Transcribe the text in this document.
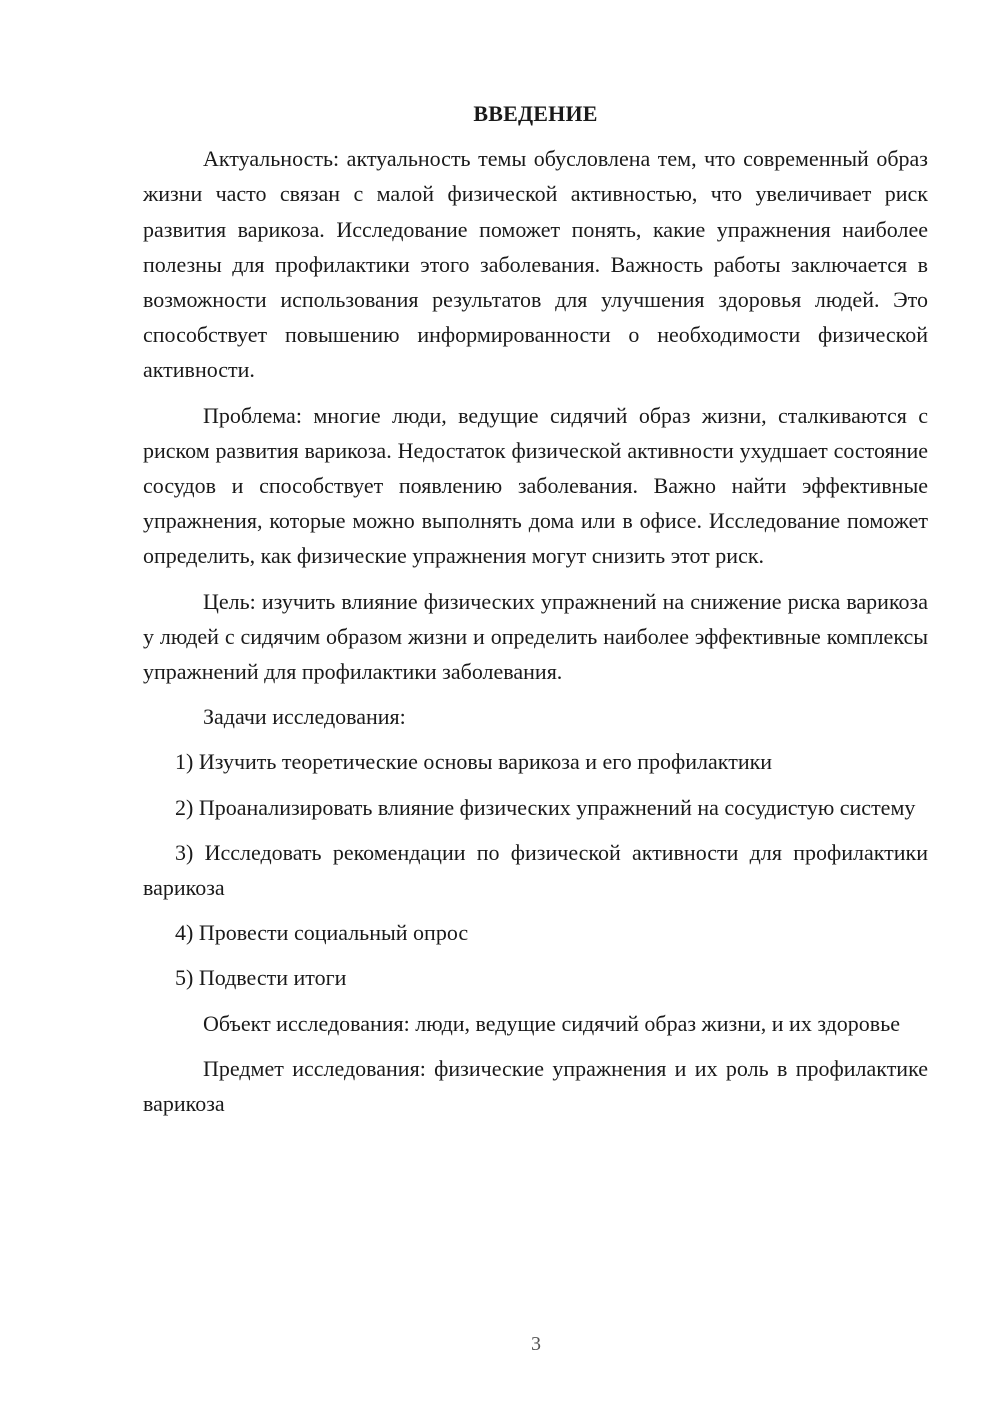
ВВЕДЕНИЕ

Актуальность: актуальность темы обусловлена тем, что современный образ жизни часто связан с малой физической активностью, что увеличивает риск развития варикоза. Исследование поможет понять, какие упражнения наиболее полезны для профилактики этого заболевания. Важность работы заключается в возможности использования результатов для улучшения здоровья людей. Это способствует повышению информированности о необходимости физической активности.

Проблема: многие люди, ведущие сидячий образ жизни, сталкиваются с риском развития варикоза. Недостаток физической активности ухудшает состояние сосудов и способствует появлению заболевания. Важно найти эффективные упражнения, которые можно выполнять дома или в офисе. Исследование поможет определить, как физические упражнения могут снизить этот риск.

Цель: изучить влияние физических упражнений на снижение риска варикоза у людей с сидячим образом жизни и определить наиболее эффективные комплексы упражнений для профилактики заболевания.

Задачи исследования:

1) Изучить теоретические основы варикоза и его профилактики

2) Проанализировать влияние физических упражнений на сосудистую систему

3) Исследовать рекомендации по физической активности для профилактики варикоза

4) Провести социальный опрос

5) Подвести итоги

Объект исследования: люди, ведущие сидячий образ жизни, и их здоровье

Предмет исследования: физические упражнения и их роль в профилактике варикоза

3
